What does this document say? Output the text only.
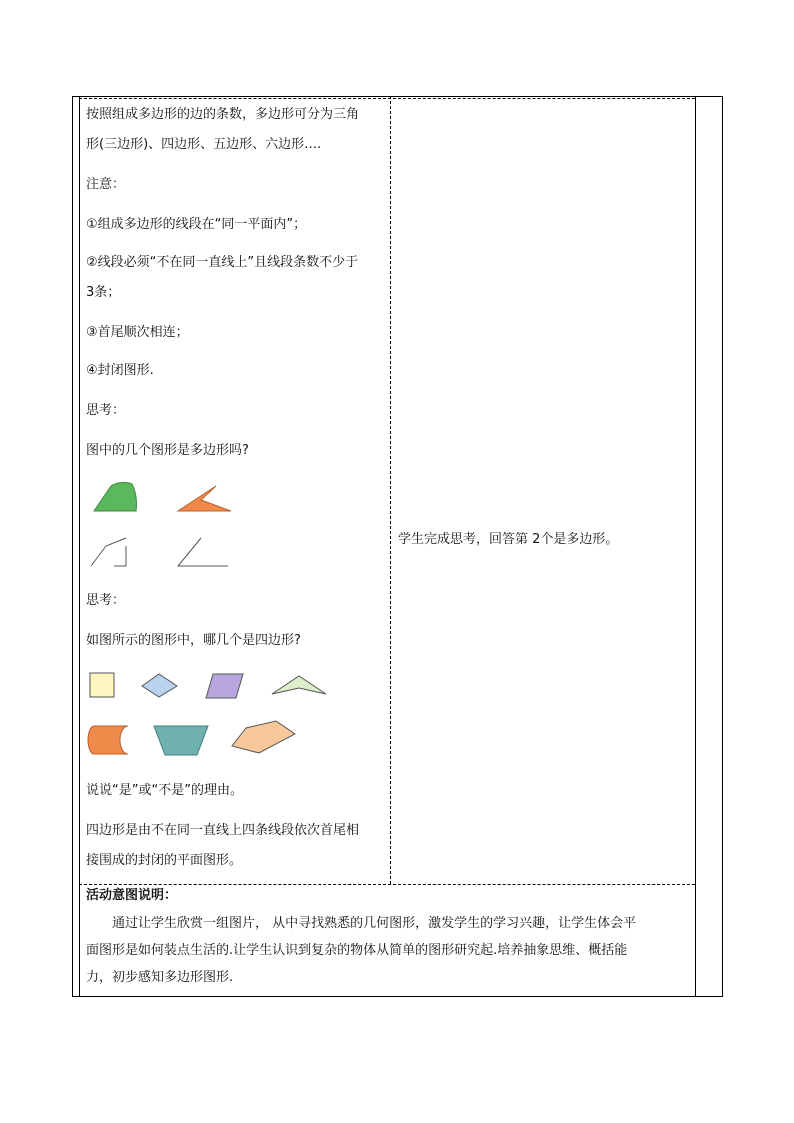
按照组成多边形的边的条数，多边形可分为三角
形(三边形)、四边形、五边形、六边形….
注意：
①组成多边形的线段在“同一平面内”；
②线段必须“不在同一直线上”且线段条数不少于
3条；
③首尾顺次相连；
④封闭图形.
思考：
图中的几个图形是多边形吗?
思考：
如图所示的图形中，哪几个是四边形?
说说“是”或“不是”的理由。
四边形是由不在同一直线上四条线段依次首尾相
接围成的封闭的平面图形。
学生完成思考，回答第 2个是多边形。
活动意图说明：
通过让学生欣赏一组图片， 从中寻找熟悉的几何图形，激发学生的学习兴趣，让学生体会平
面图形是如何装点生活的.让学生认识到复杂的物体从简单的图形研究起.培养抽象思维、概括能
力，初步感知多边形图形.
